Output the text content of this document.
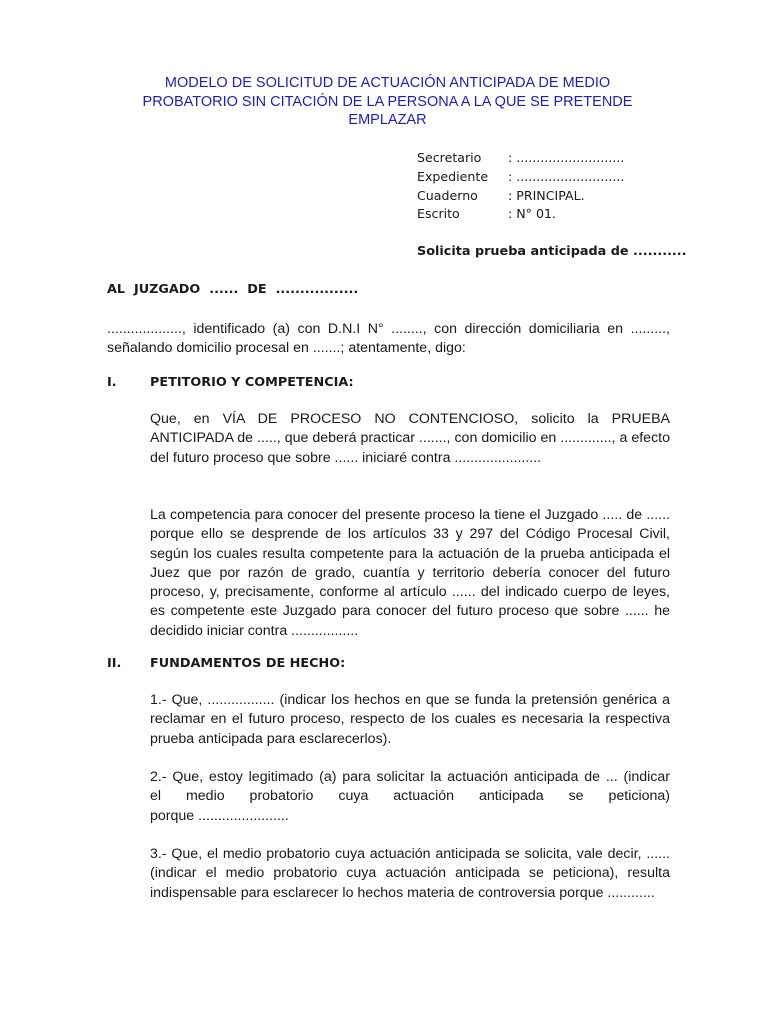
MODELO DE SOLICITUD DE ACTUACIÓN ANTICIPADA DE MEDIO
PROBATORIO SIN CITACIÓN DE LA PERSONA A LA QUE SE PRETENDE
EMPLAZAR
Secretario	: ...........................
Expediente	: ...........................
Cuaderno	: PRINCIPAL.
Escrito	: N° 01.
Solicita prueba anticipada de ...........
AL  JUZGADO  ......  DE  .................
..................., identificado (a) con D.N.I N° ........, con dirección domiciliaria en ........., señalando domicilio procesal en .......; atentamente, digo:
I.	PETITORIO Y COMPETENCIA:
Que, en VÍA DE PROCESO NO CONTENCIOSO, solicito la PRUEBA ANTICIPADA de ....., que deberá practicar ......., con domicilio en ............., a efecto del futuro proceso que sobre ...... iniciaré contra ......................
La competencia para conocer del presente proceso la tiene el Juzgado ..... de ...... porque ello se desprende de los artículos 33 y 297 del Código Procesal Civil, según los cuales resulta competente para la actuación de la prueba anticipada el Juez que por razón de grado, cuantía y territorio debería conocer del futuro proceso, y, precisamente, conforme al artículo ...... del indicado cuerpo de leyes, es competente este Juzgado para conocer del futuro proceso que sobre ...... he decidido iniciar contra .................
II. FUNDAMENTOS DE HECHO:
1.- Que, ................. (indicar los hechos en que se funda la pretensión genérica a reclamar en el futuro proceso, respecto de los cuales es necesaria la respectiva prueba anticipada para esclarecerlos).
2.- Que, estoy legitimado (a) para solicitar la actuación anticipada de ... (indicar
el medio probatorio cuya actuación anticipada se peticiona)
porque .......................
3.- Que, el medio probatorio cuya actuación anticipada se solicita, vale decir, ...... (indicar el medio probatorio cuya actuación anticipada se peticiona), resulta indispensable para esclarecer lo hechos materia de controversia porque ............
